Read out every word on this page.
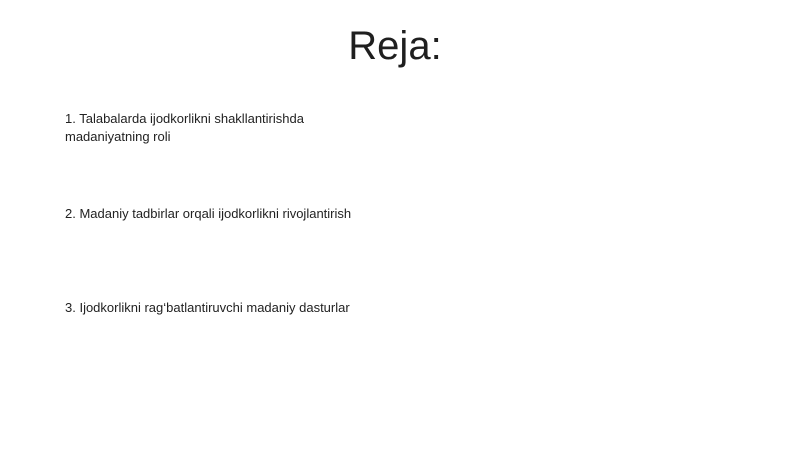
Reja:
1. Talabalarda ijodkorlikni shakllantirishda madaniyatning roli
2. Madaniy tadbirlar orqali ijodkorlikni rivojlantirish
3. Ijodkorlikni rag‘batlantiruvchi madaniy dasturlar
